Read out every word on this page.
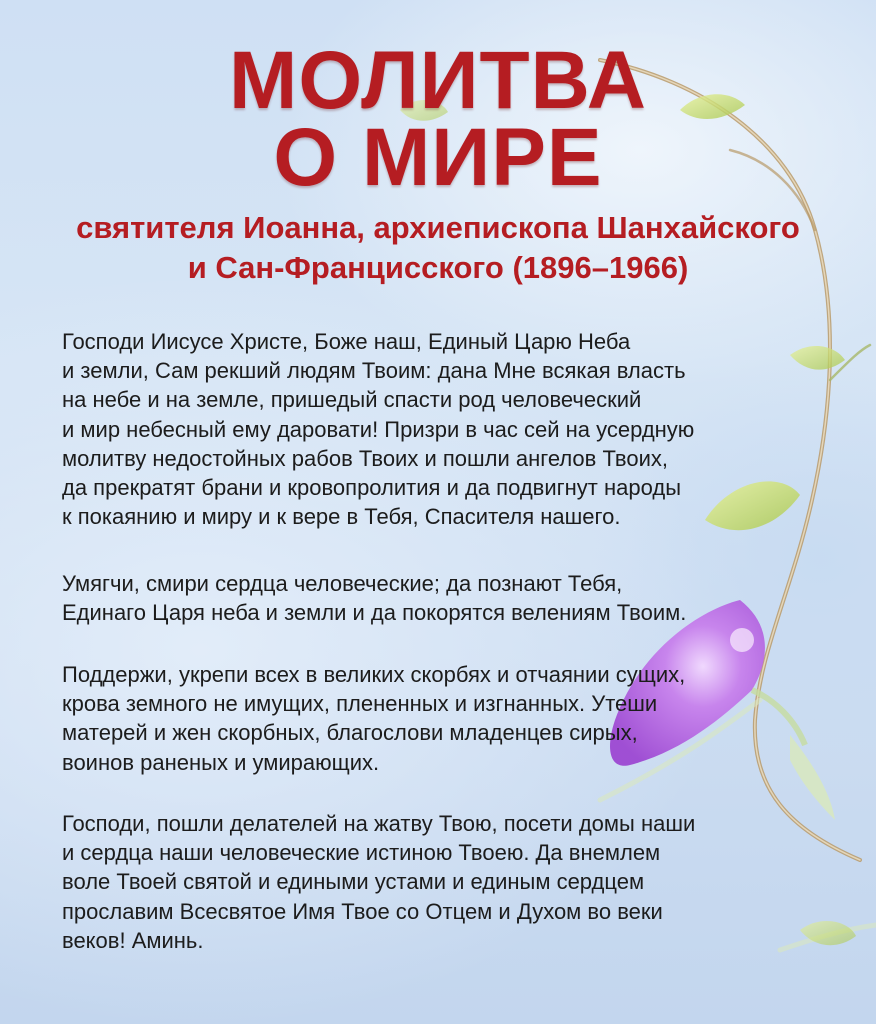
МОЛИТВА
О МИРЕ
святителя Иоанна, архиепископа Шанхайского
и Сан-Францисского (1896–1966)

Господи Иисусе Христе, Боже наш, Единый Царю Неба
и земли, Сам рекший людям Твоим: дана Мне всякая власть
на небе и на земле, пришедый спасти род человеческий
и мир небесный ему даровати! Призри в час сей на усердную
молитву недостойных рабов Твоих и пошли ангелов Твоих,
да прекратят брани и кровопролития и да подвигнут народы
к покаянию и миру и к вере в Тебя, Спасителя нашего.

Умягчи, смири сердца человеческие; да познают Тебя,
Единаго Царя неба и земли и да покорятся велениям Твоим.

Поддержи, укрепи всех в великих скорбях и отчаянии сущих,
крова земного не имущих, плененных и изгнанных. Утеши
матерей и жен скорбных, благослови младенцев сирых,
воинов раненых и умирающих.

Господи, пошли делателей на жатву Твою, посети домы наши
и сердца наши человеческие истиною Твоею. Да внемлем
воле Твоей святой и едиными устами и единым сердцем
прославим Всесвятое Имя Твое со Отцем и Духом во веки
веков! Аминь.
